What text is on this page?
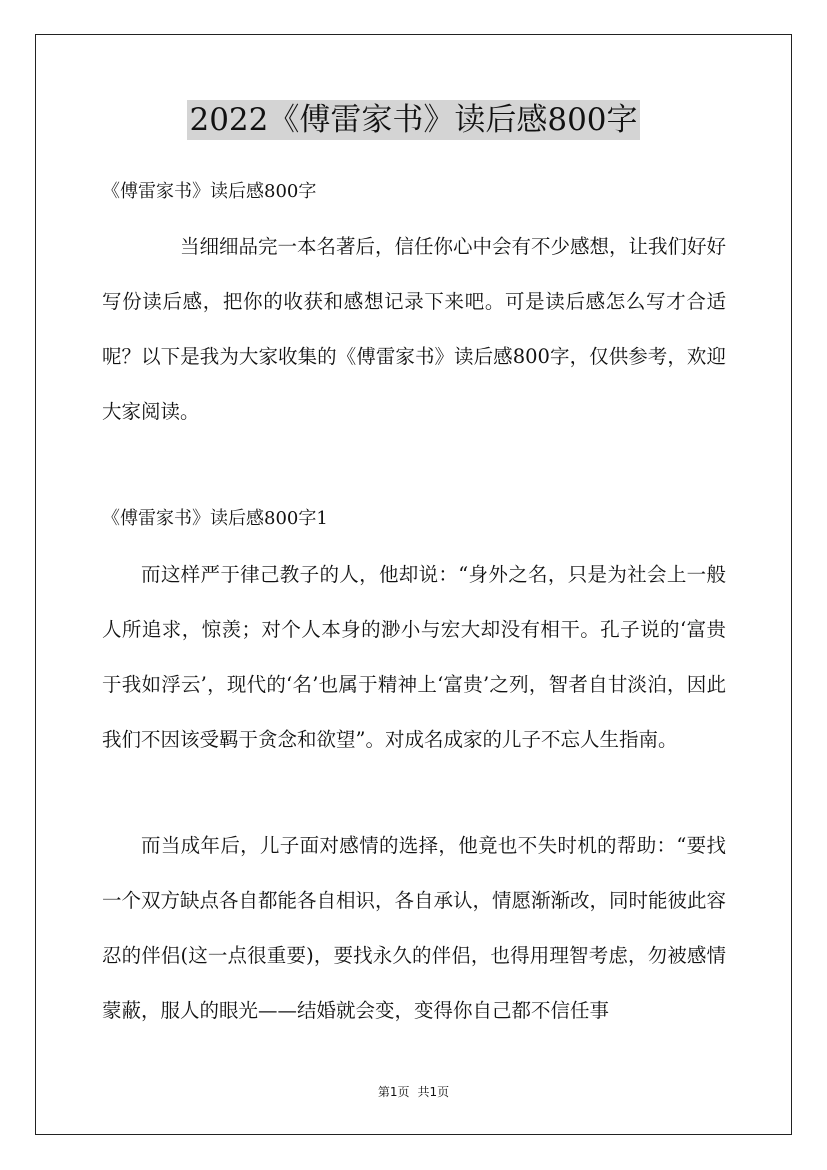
2022《傅雷家书》读后感800字
《傅雷家书》读后感800字

当细细品完一本名著后，信任你心中会有不少感想，让我们好好写份读后感，把你的收获和感想记录下来吧。可是读后感怎么写才合适呢？以下是我为大家收集的《傅雷家书》读后感800字，仅供参考，欢迎大家阅读。

《傅雷家书》读后感800字1

而这样严于律己教子的人，他却说：“身外之名，只是为社会上一般人所追求，惊羡；对个人本身的渺小与宏大却没有相干。孔子说的‘富贵于我如浮云’，现代的‘名’也属于精神上‘富贵’之列，智者自甘淡泊，因此我们不因该受羁于贪念和欲望”。对成名成家的儿子不忘人生指南。

而当成年后，儿子面对感情的选择，他竟也不失时机的帮助：“要找一个双方缺点各自都能各自相识，各自承认，情愿渐渐改，同时能彼此容忍的伴侣(这一点很重要)，要找永久的伴侣，也得用理智考虑，勿被感情蒙蔽，服人的眼光——结婚就会变，变得你自己都不信任事

第1页 共1页
